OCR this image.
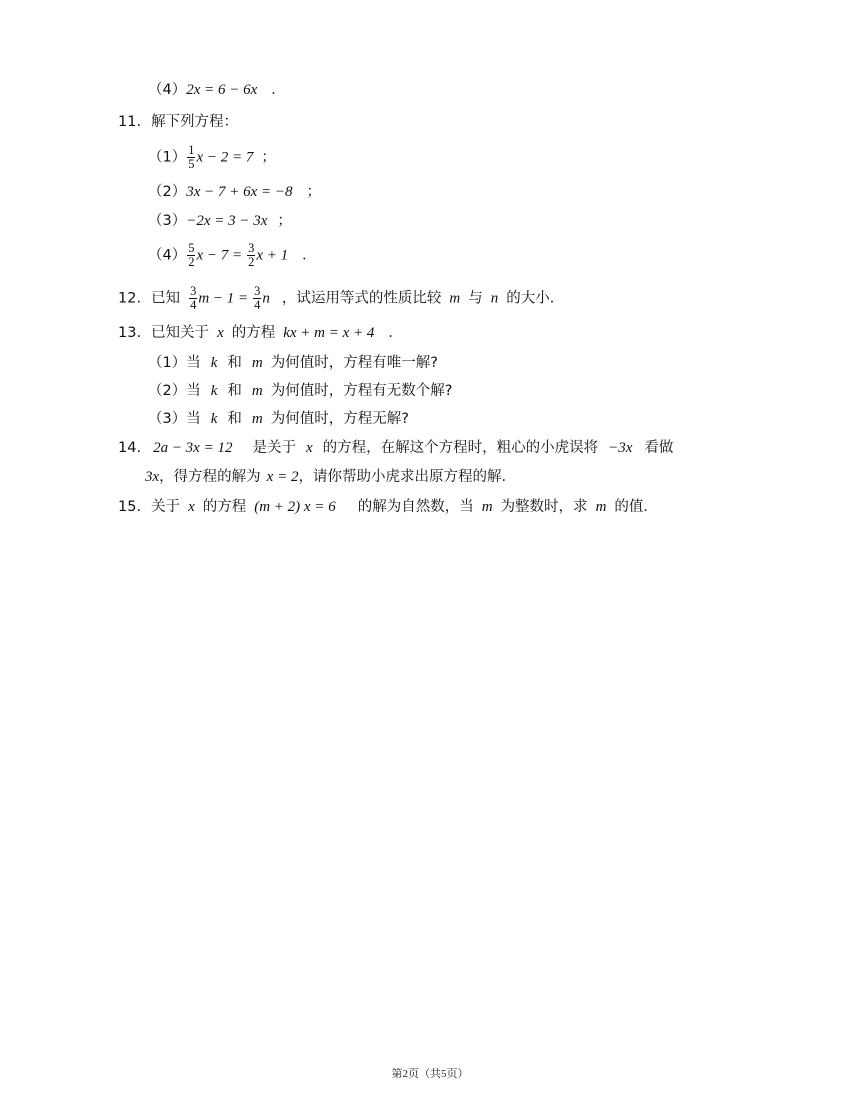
（4）2x = 6 − 6x ．
11. 解下列方程：
$(1) \frac{1}{5}$ x − 2 = 7 ；
（2）3x − 7 + 6x = −8 ；
（3）−2x = 3 − 3x ；
$(4) \frac{5}{2}$ $x - 7 = \frac{3}{2}$ x + 1 ．
12. 已知 $\frac{3}{4}$ $m - 1 = \frac{3}{4}$ n ，试运用等式的性质比较 m 与 n 的大小．
13. 已知关于 x 的方程 kx + m = x + 4 ．
（1）当 k 和 m 为何值时，方程有唯一解?
（2）当 k 和 m 为何值时，方程有无数个解?
（3）当 k 和 m 为何值时，方程无解?
14. 2a − 3x = 12 是关于 x 的方程，在解这个方程时，粗心的小虎误将 −3x 看做
3x，得方程的解为 x = 2，请你帮助小虎求出原方程的解．
15. 关于 x 的方程 (m + 2) x = 6 的解为自然数，当 m 为整数时，求 m 的值．
第2页（共5页）
